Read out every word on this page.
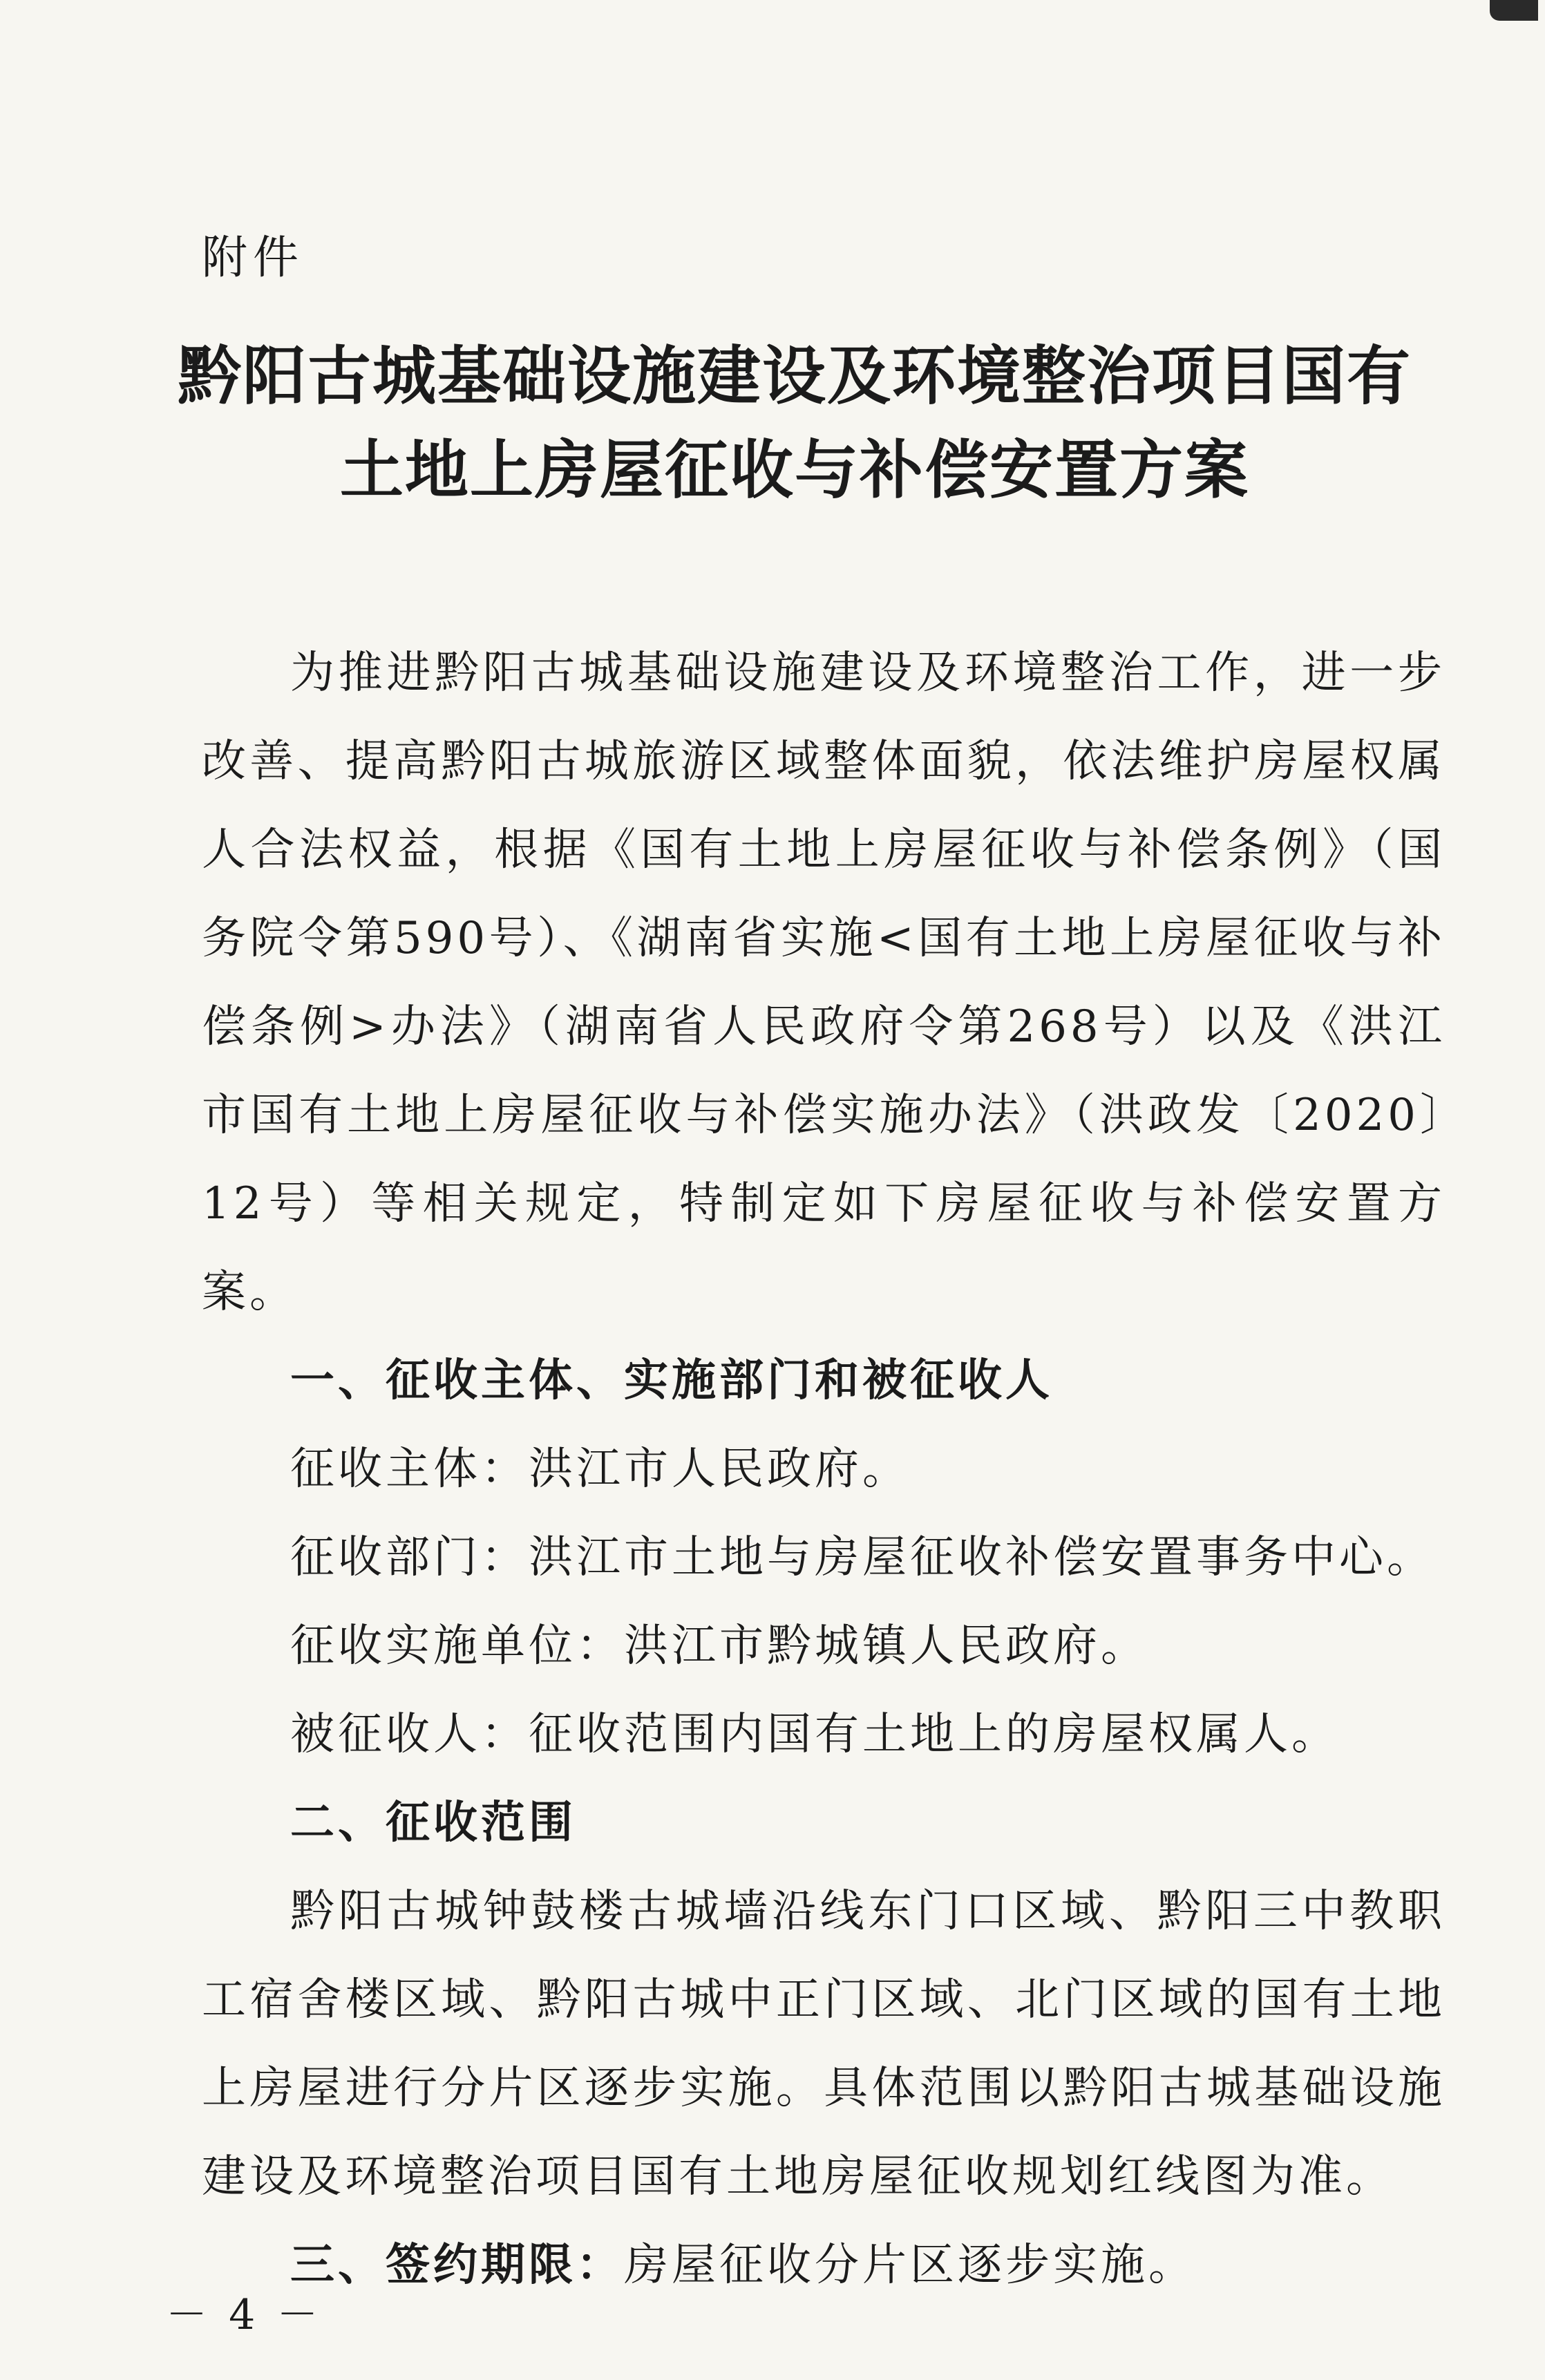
附件
黔阳古城基础设施建设及环境整治项目国有
土地上房屋征收与补偿安置方案

为推进黔阳古城基础设施建设及环境整治工作，进一步改善、提高黔阳古城旅游区域整体面貌，依法维护房屋权属人合法权益，根据《国有土地上房屋征收与补偿条例》（国务院令第590号）、《湖南省实施<国有土地上房屋征收与补偿条例>办法》（湖南省人民政府令第268号）以及《洪江市国有土地上房屋征收与补偿实施办法》（洪政发〔2020〕12号）等相关规定，特制定如下房屋征收与补偿安置方案。

一、征收主体、实施部门和被征收人

征收主体：洪江市人民政府。

征收部门：洪江市土地与房屋征收补偿安置事务中心。

征收实施单位：洪江市黔城镇人民政府。

被征收人：征收范围内国有土地上的房屋权属人。

二、征收范围

黔阳古城钟鼓楼古城墙沿线东门口区域、黔阳三中教职工宿舍楼区域、黔阳古城中正门区域、北门区域的国有土地上房屋进行分片区逐步实施。具体范围以黔阳古城基础设施建设及环境整治项目国有土地房屋征收规划红线图为准。

三、签约期限：房屋征收分片区逐步实施。

－ 4 －
